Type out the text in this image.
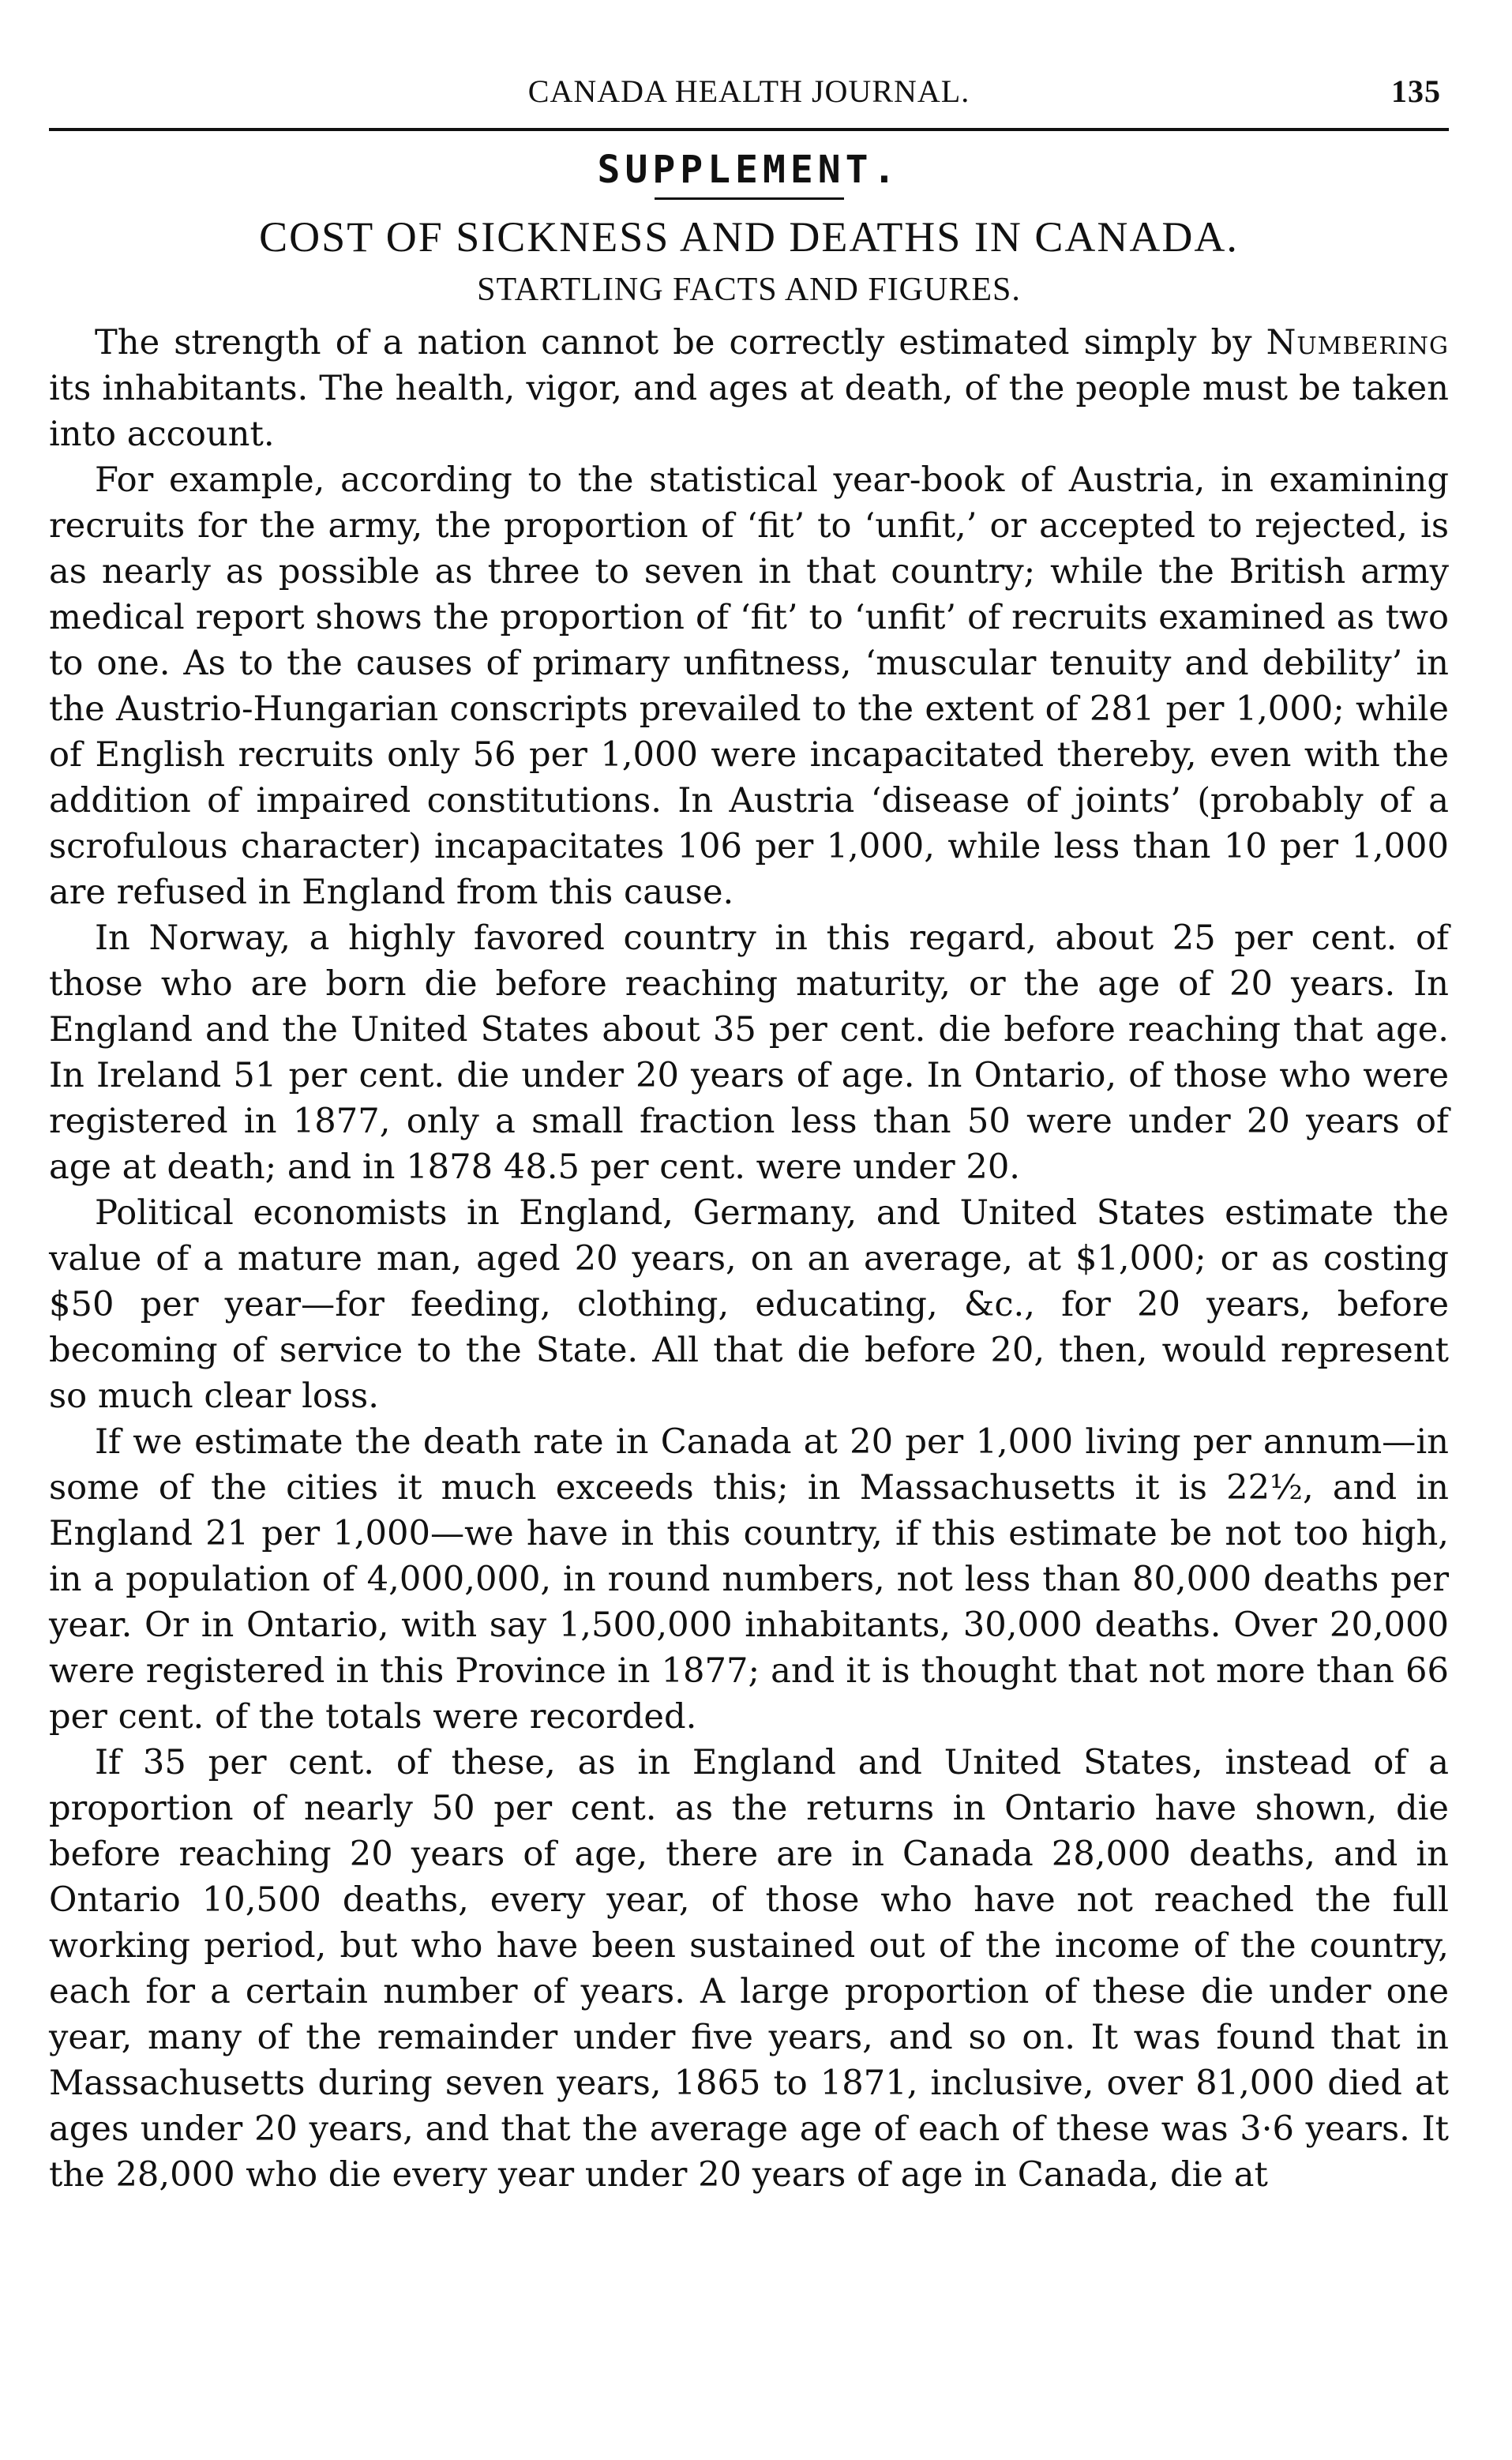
CANADA HEALTH JOURNAL.	135
SUPPLEMENT.
COST OF SICKNESS AND DEATHS IN CANADA.
STARTLING FACTS AND FIGURES.

The strength of a nation cannot be correctly estimated simply by Numbering its inhabitants. The health, vigor, and ages at death, of the people must be taken into account.

For example, according to the statistical year-book of Austria, in examining recruits for the army, the proportion of ‘fit’ to ‘unfit,’ or accepted to rejected, is as nearly as possible as three to seven in that country; while the British army medical report shows the proportion of ‘fit’ to ‘unfit’ of recruits examined as two to one. As to the causes of primary unfitness, ‘muscular tenuity and debility’ in the Austrio-Hungarian conscripts prevailed to the extent of 281 per 1,000; while of English recruits only 56 per 1,000 were incapacitated thereby, even with the addition of impaired constitutions. In Austria ‘disease of joints’ (probably of a scrofulous character) incapacitates 106 per 1,000, while less than 10 per 1,000 are refused in England from this cause.

In Norway, a highly favored country in this regard, about 25 per cent. of those who are born die before reaching maturity, or the age of 20 years. In England and the United States about 35 per cent. die before reaching that age. In Ireland 51 per cent. die under 20 years of age. In Ontario, of those who were registered in 1877, only a small fraction less than 50 were under 20 years of age at death; and in 1878 48.5 per cent. were under 20.

Political economists in England, Germany, and United States estimate the value of a mature man, aged 20 years, on an average, at $1,000; or as costing $50 per year—for feeding, clothing, educating, &c., for 20 years, before becoming of service to the State. All that die before 20, then, would represent so much clear loss.

If we estimate the death rate in Canada at 20 per 1,000 living per annum—in some of the cities it much exceeds this; in Massachusetts it is 22½, and in England 21 per 1,000—we have in this country, if this estimate be not too high, in a population of 4,000,000, in round numbers, not less than 80,000 deaths per year. Or in Ontario, with say 1,500,000 inhabitants, 30,000 deaths. Over 20,000 were registered in this Province in 1877; and it is thought that not more than 66 per cent. of the totals were recorded.

If 35 per cent. of these, as in England and United States, instead of a proportion of nearly 50 per cent. as the returns in Ontario have shown, die before reaching 20 years of age, there are in Canada 28,000 deaths, and in Ontario 10,500 deaths, every year, of those who have not reached the full working period, but who have been sustained out of the income of the country, each for a certain number of years. A large proportion of these die under one year, many of the remainder under five years, and so on. It was found that in Massachusetts during seven years, 1865 to 1871, inclusive, over 81,000 died at ages under 20 years, and that the average age of each of these was 3·6 years. It the 28,000 who die every year under 20 years of age in Canada, die at
